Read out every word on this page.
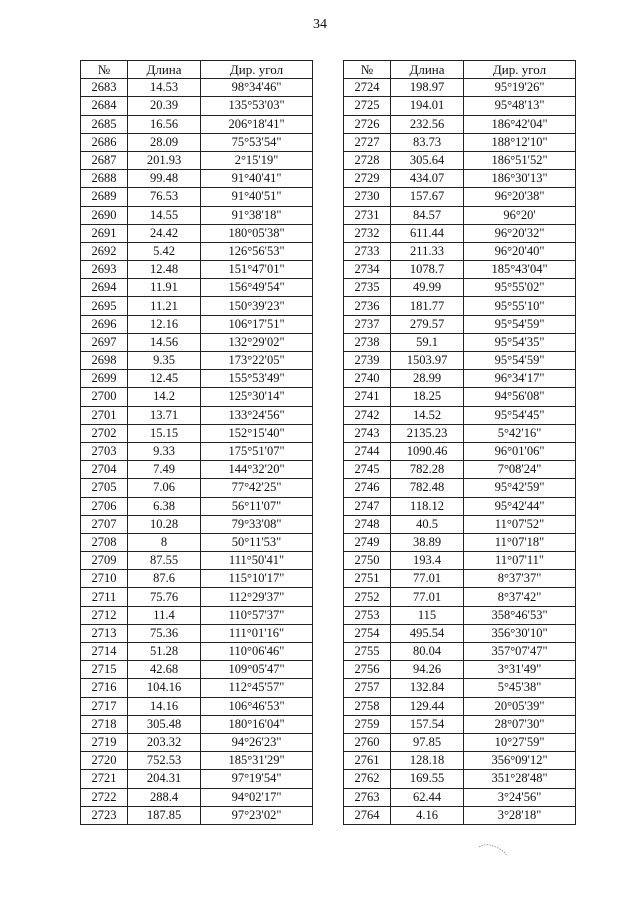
34
№	Длина	Дир. угол
2683	14.53	98°34'46"
2684	20.39	135°53'03"
2685	16.56	206°18'41"
2686	28.09	75°53'54"
2687	201.93	2°15'19"
2688	99.48	91°40'41"
2689	76.53	91°40'51"
2690	14.55	91°38'18"
2691	24.42	180°05'38"
2692	5.42	126°56'53"
2693	12.48	151°47'01"
2694	11.91	156°49'54"
2695	11.21	150°39'23"
2696	12.16	106°17'51"
2697	14.56	132°29'02"
2698	9.35	173°22'05"
2699	12.45	155°53'49"
2700	14.2	125°30'14"
2701	13.71	133°24'56"
2702	15.15	152°15'40"
2703	9.33	175°51'07"
2704	7.49	144°32'20"
2705	7.06	77°42'25"
2706	6.38	56°11'07"
2707	10.28	79°33'08"
2708	8	50°11'53"
2709	87.55	111°50'41"
2710	87.6	115°10'17"
2711	75.76	112°29'37"
2712	11.4	110°57'37"
2713	75.36	111°01'16"
2714	51.28	110°06'46"
2715	42.68	109°05'47"
2716	104.16	112°45'57"
2717	14.16	106°46'53"
2718	305.48	180°16'04"
2719	203.32	94°26'23"
2720	752.53	185°31'29"
2721	204.31	97°19'54"
2722	288.4	94°02'17"
2723	187.85	97°23'02"
№	Длина	Дир. угол
2724	198.97	95°19'26"
2725	194.01	95°48'13"
2726	232.56	186°42'04"
2727	83.73	188°12'10"
2728	305.64	186°51'52"
2729	434.07	186°30'13"
2730	157.67	96°20'38"
2731	84.57	96°20'
2732	611.44	96°20'32"
2733	211.33	96°20'40"
2734	1078.7	185°43'04"
2735	49.99	95°55'02"
2736	181.77	95°55'10"
2737	279.57	95°54'59"
2738	59.1	95°54'35"
2739	1503.97	95°54'59"
2740	28.99	96°34'17"
2741	18.25	94°56'08"
2742	14.52	95°54'45"
2743	2135.23	5°42'16"
2744	1090.46	96°01'06"
2745	782.28	7°08'24"
2746	782.48	95°42'59"
2747	118.12	95°42'44"
2748	40.5	11°07'52"
2749	38.89	11°07'18"
2750	193.4	11°07'11"
2751	77.01	8°37'37"
2752	77.01	8°37'42"
2753	115	358°46'53"
2754	495.54	356°30'10"
2755	80.04	357°07'47"
2756	94.26	3°31'49"
2757	132.84	5°45'38"
2758	129.44	20°05'39"
2759	157.54	28°07'30"
2760	97.85	10°27'59"
2761	128.18	356°09'12"
2762	169.55	351°28'48"
2763	62.44	3°24'56"
2764	4.16	3°28'18"
